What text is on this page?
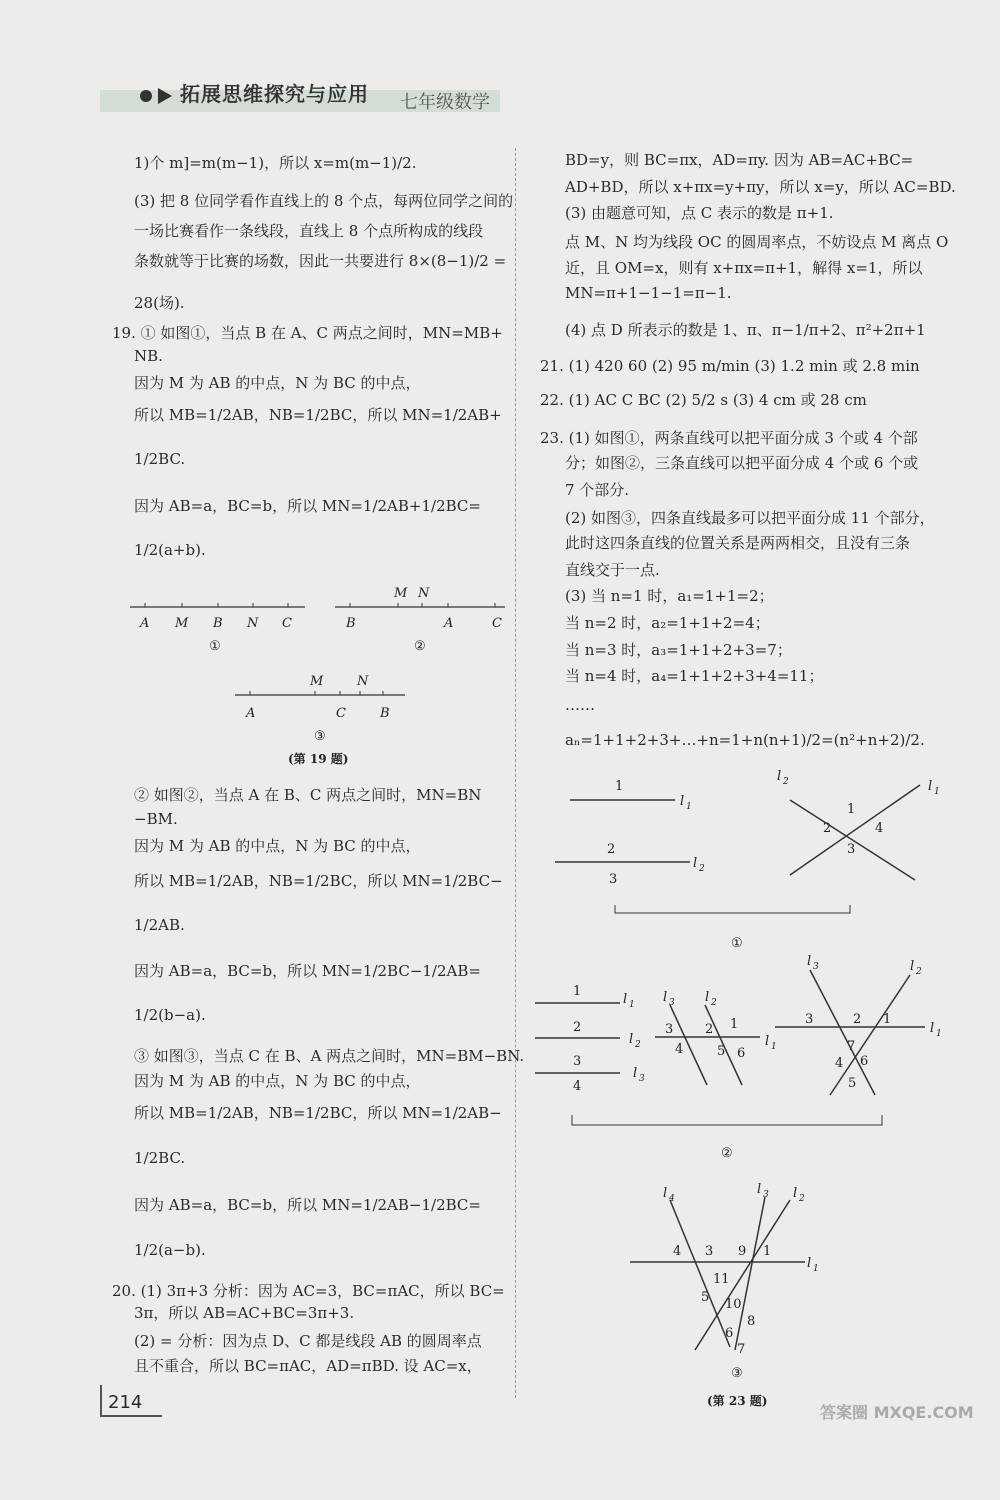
拓展思维探究与应用 七年级数学
1)个 m]=m(m−1)，所以 x=m(m−1)/2.
(3) 把 8 位同学看作直线上的 8 个点，每两位同学之间的
一场比赛看作一条线段，直线上 8 个点所构成的线段
条数就等于比赛的场数，因此一共要进行 8×(8−1)/2 =
28(场).
19. ① 如图①，当点 B 在 A、C 两点之间时，MN=MB+
NB.
因为 M 为 AB 的中点，N 为 BC 的中点，
所以 MB=1/2AB，NB=1/2BC，所以 MN=1/2AB+
1/2BC.
因为 AB=a，BC=b，所以 MN=1/2AB+1/2BC=
1/2(a+b).
② 如图②，当点 A 在 B、C 两点之间时，MN=BN
−BM.
因为 M 为 AB 的中点，N 为 BC 的中点，
所以 MB=1/2AB，NB=1/2BC，所以 MN=1/2BC−
1/2AB.
因为 AB=a，BC=b，所以 MN=1/2BC−1/2AB=
1/2(b−a).
③ 如图③，当点 C 在 B、A 两点之间时，MN=BM−BN.
因为 M 为 AB 的中点，N 为 BC 的中点，
所以 MB=1/2AB，NB=1/2BC，所以 MN=1/2AB−
1/2BC.
因为 AB=a，BC=b，所以 MN=1/2AB−1/2BC=
1/2(a−b).
20. (1) 3π+3 分析：因为 AC=3，BC=πAC，所以 BC=
3π，所以 AB=AC+BC=3π+3.
(2) = 分析：因为点 D、C 都是线段 AB 的圆周率点
且不重合，所以 BC=πAC，AD=πBD. 设 AC=x，
A M B N C
①
M N
B	A	C
②
M	N
A	C	B
③
(第 19 题)
BD=y，则 BC=πx，AD=πy. 因为 AB=AC+BC=
AD+BD，所以 x+πx=y+πy，所以 x=y，所以 AC=BD.
(3) 由题意可知，点 C 表示的数是 π+1.
点 M、N 均为线段 OC 的圆周率点，不妨设点 M 离点 O
近，且 OM=x，则有 x+πx=π+1，解得 x=1，所以
MN=π+1−1−1=π−1.
(4) 点 D 所表示的数是 1、π、π−1/π+2、π²+2π+1
21. (1) 420 60 (2) 95 m/min (3) 1.2 min 或 2.8 min
22. (1) AC C BC (2) 5/2 s (3) 4 cm 或 28 cm
23. (1) 如图①，两条直线可以把平面分成 3 个或 4 个部
分；如图②，三条直线可以把平面分成 4 个或 6 个或
7 个部分.
(2) 如图③，四条直线最多可以把平面分成 11 个部分，
此时这四条直线的位置关系是两两相交，且没有三条
直线交于一点.
(3) 当 n=1 时，a₁=1+1=2；
当 n=2 时，a₂=1+1+2=4；
当 n=3 时，a₃=1+1+2+3=7；
当 n=4 时，a₄=1+1+2+3+4=11；
……
aₙ=1+1+2+3+…+n=1+n(n+1)/2=(n²+n+2)/2.
1
l 1
2
3
l 2
l 2	l 1
1
2	4
3
①
1
2
3
4
l 1
l 2
l 3
l 3 l 2
l 1
3 2 1
4	5 6
l 3	l 2
l 1
3	2 1
7
4 6
5
②
l 4
l 3 l 2
l 1
4 3 9 1
11
5 10
8
6
7
③
(第 23 题)
214	答案圈 MXQE.COM
